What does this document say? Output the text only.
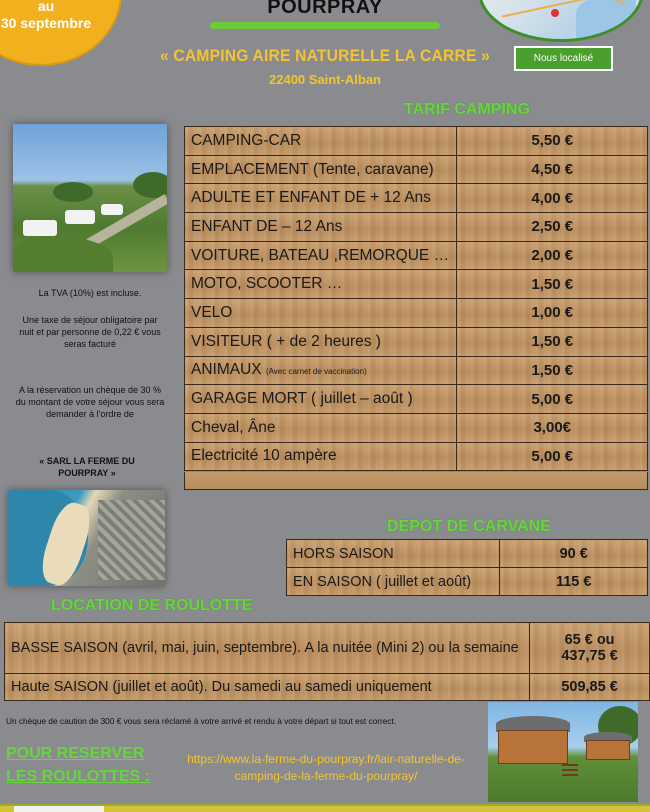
au
30 septembre
POURPRAY
« CAMPING AIRE NATURELLE LA CARRE »
22400 Saint-Alban
Nous localisé
TARIF CAMPING
CAMPING-CAR	5,50 €
EMPLACEMENT (Tente, caravane)	4,50 €
ADULTE ET ENFANT DE + 12 Ans	4,00 €
ENFANT DE – 12 Ans	2,50 €
VOITURE, BATEAU ,REMORQUE …	2,00 €
MOTO, SCOOTER …	1,50 €
VELO	1,00 €
VISITEUR ( + de 2 heures )	1,50 €
ANIMAUX (Avec carnet de vaccination)	1,50 €
GARAGE MORT ( juillet – août )	5,00 €
Cheval, Âne	3,00€
Electricité 10 ampère	5,00 €
La TVA (10%) est incluse.
Une taxe de séjour obligatoire par nuit et par personne de 0,22 € vous seras facturé
A la réservation un chèque de 30 % du montant de votre séjour vous sera demander à l'ordre de
« SARL LA FERME DU POURPRAY »
DEPOT DE CARVANE
HORS SAISON	90 €
EN SAISON ( juillet et août)	115 €
LOCATION DE ROULOTTE
BASSE SAISON (avril, mai, juin, septembre). A la nuitée (Mini 2) ou la semaine	65 € ou
437,75 €

Haute SAISON (juillet et août). Du samedi au samedi uniquement	509,85 €
Un chèque de caution de 300 € vous sera réclamé à votre arrivé et rendu à votre départ si tout est correct.
POUR RESERVER
LES ROULOTTES :
https://www.la-ferme-du-pourpray.fr/lair-naturelle-de-camping-de-la-ferme-du-pourpray/
